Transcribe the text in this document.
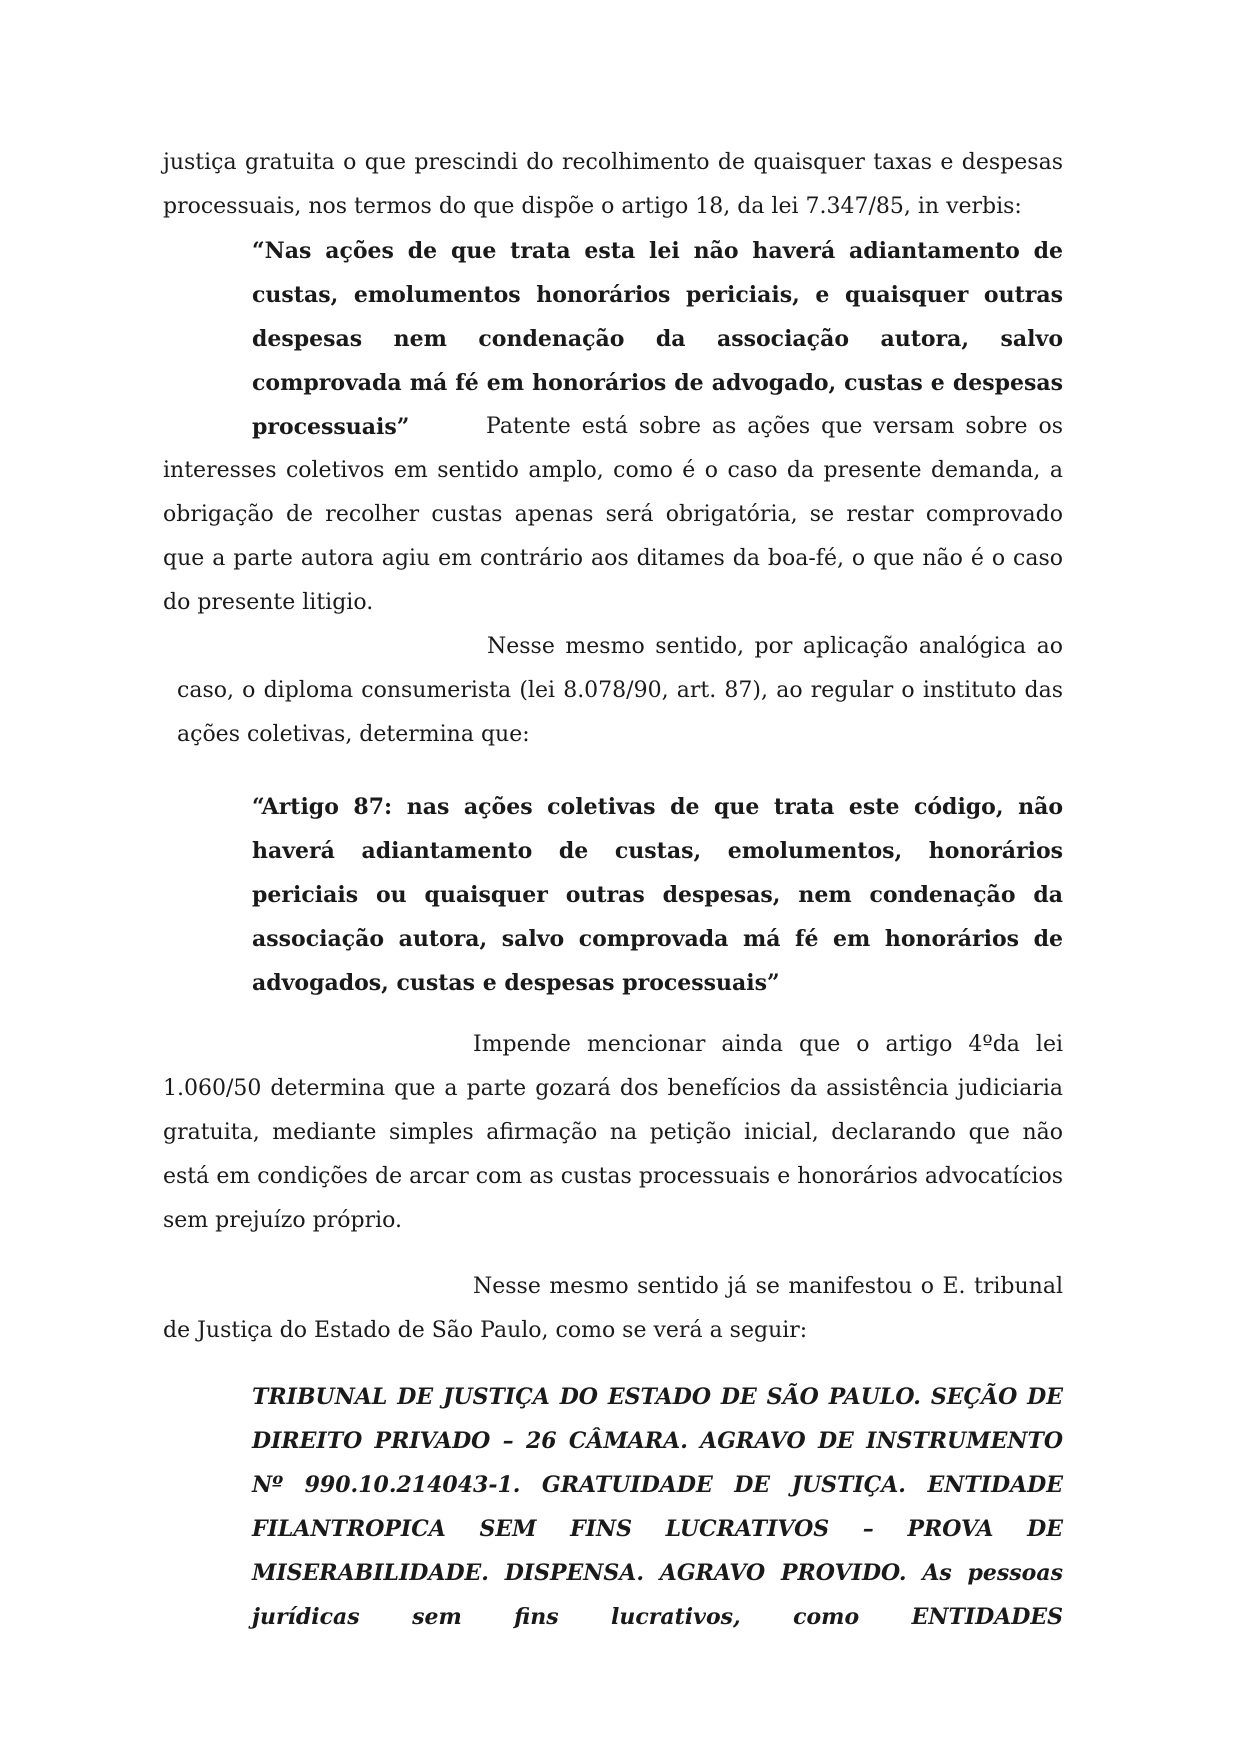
justiça gratuita o que prescindi do recolhimento de quaisquer taxas e despesas processuais, nos termos do que dispõe o artigo 18, da lei 7.347/85, in verbis:

“Nas ações de que trata esta lei não haverá adiantamento de custas, emolumentos honorários periciais, e quaisquer outras despesas nem condenação da associação autora, salvo comprovada má fé em honorários de advogado, custas e despesas processuais”	Patente está sobre as ações que versam sobre os interesses coletivos em sentido amplo, como é o caso da presente demanda, a obrigação de recolher custas apenas será obrigatória, se restar comprovado que a parte autora agiu em contrário aos ditames da boa-fé, o que não é o caso do presente litigio.

Nesse mesmo sentido, por aplicação analógica ao caso, o diploma consumerista (lei 8.078/90, art. 87), ao regular o instituto das ações coletivas, determina que:

“Artigo 87: nas ações coletivas de que trata este código, não haverá adiantamento de custas, emolumentos, honorários periciais ou quaisquer outras despesas, nem condenação da associação autora, salvo comprovada má fé em honorários de advogados, custas e despesas processuais”

Impende mencionar ainda que o artigo 4ºda lei 1.060/50 determina que a parte gozará dos benefícios da assistência judiciaria gratuita, mediante simples afirmação na petição inicial, declarando que não está em condições de arcar com as custas processuais e honorários advocatícios sem prejuízo próprio.

Nesse mesmo sentido já se manifestou o E. tribunal de Justiça do Estado de São Paulo, como se verá a seguir:

TRIBUNAL DE JUSTIÇA DO ESTADO DE SÃO PAULO. SEÇÃO DE DIREITO PRIVADO – 26 CÂMARA. AGRAVO DE INSTRUMENTO Nº 990.10.214043-1. GRATUIDADE DE JUSTIÇA. ENTIDADE FILANTROPICA SEM FINS LUCRATIVOS – PROVA DE MISERABILIDADE. DISPENSA. AGRAVO PROVIDO. As pessoas jurídicas sem fins lucrativos, como ENTIDADES
